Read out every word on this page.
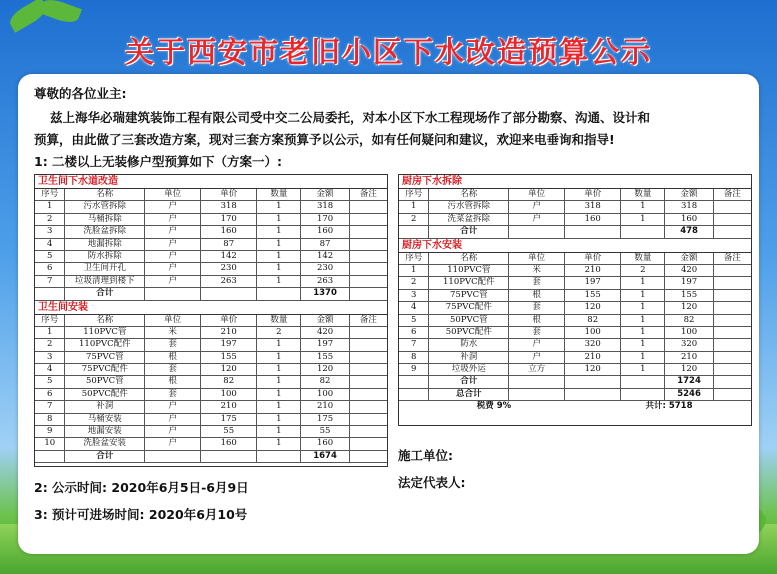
关于西安市老旧小区下水改造预算公示
尊敬的各位业主:
兹上海华必瑞建筑装饰工程有限公司受中交二公局委托，对本小区下水工程现场作了部分勘察、沟通、设计和
预算，由此做了三套改造方案，现对三套方案预算予以公示，如有任何疑问和建议，欢迎来电垂询和指导!
1: 二楼以上无装修户型预算如下（方案一）:
卫生间下水道改造
序号	名称	单位	单价	数量	金额	备注
1	污水管拆除	户	318	1	318
2	马桶拆除	户	170	1	170
3	洗脸盆拆除	户	160	1	160
4	地漏拆除	户	87	1	87
5	防水拆除	户	142	1	142
6	卫生间开孔	户	230	1	230
7	垃圾清理到楼下	户	263	1	263
合计	1370
卫生间安装
序号	名称	单位	单价	数量	金额	备注
1	110PVC管	米	210	2	420
2	110PVC配件	套	197	1	197
3	75PVC管	根	155	1	155
4	75PVC配件	套	120	1	120
5	50PVC管	根	82	1	82
6	50PVC配件	套	100	1	100
7	补洞	户	210	1	210
8	马桶安装	户	175	1	175
9	地漏安装	户	55	1	55
10	洗脸盆安装	户	160	1	160
合计	1674
厨房下水拆除
序号	名称	单位	单价	数量	金额	备注
1	污水管拆除	户	318	1	318
2	洗菜盆拆除	户	160	1	160
合计	478
厨房下水安装
序号	名称	单位	单价	数量	金额	备注
1	110PVC管	米	210	2	420
2	110PVC配件	套	197	1	197
3	75PVC管	根	155	1	155
4	75PVC配件	套	120	1	120
5	50PVC管	根	82	1	82
6	50PVC配件	套	100	1	100
7	防水	户	320	1	320
8	补洞	户	210	1	210
9	垃圾外运	立方	120	1	120
合计	1724
总合计	5246
税费 9%	共计: 5718
施工单位:
法定代表人:
2: 公示时间: 2020年6月5日-6月9日
3: 预计可进场时间: 2020年6月10号
